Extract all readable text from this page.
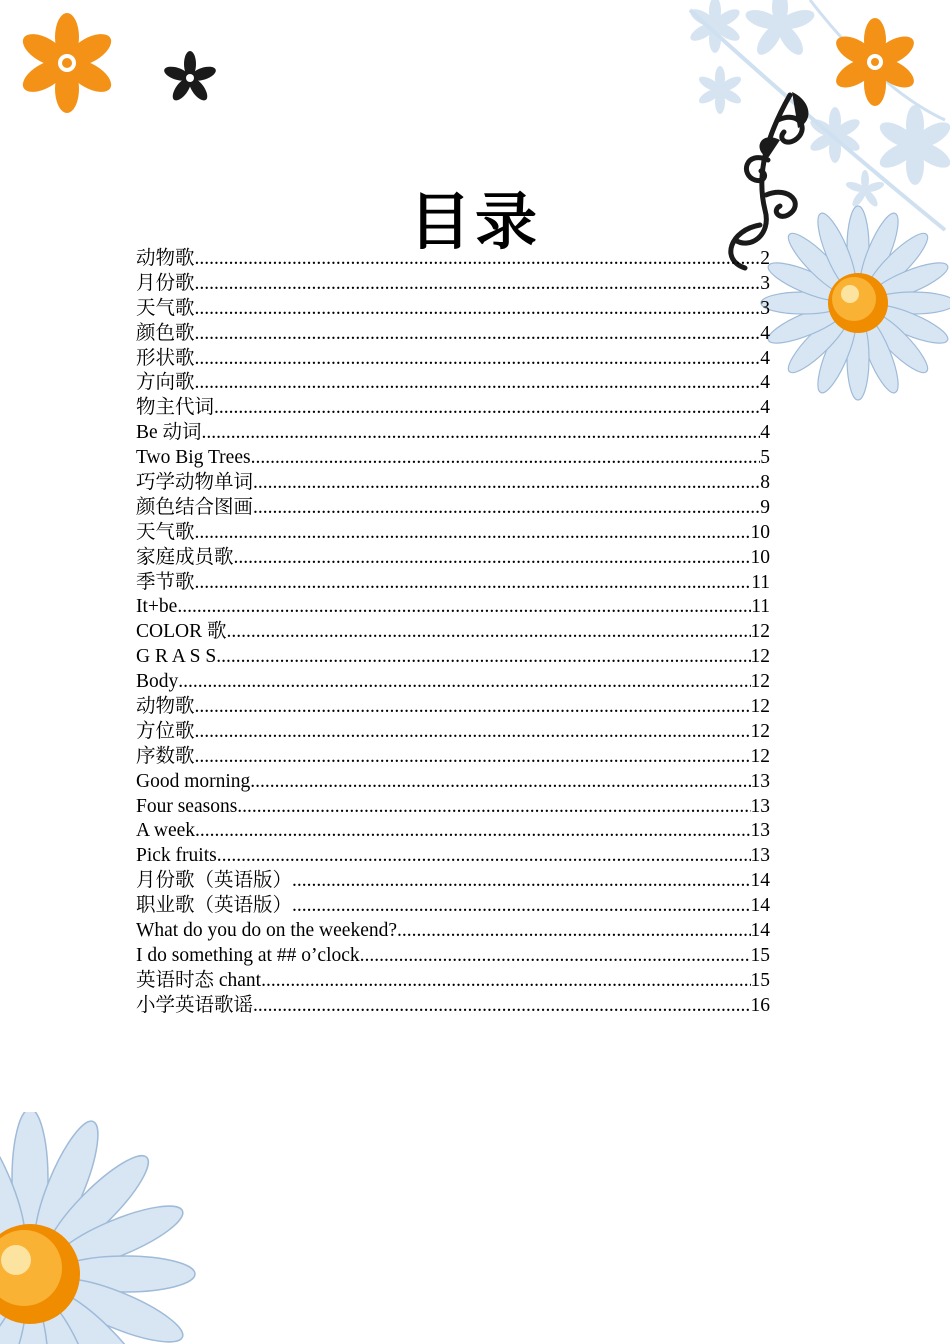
目录
动物歌 .....	2
月份歌 .....	3
天气歌 .....	3
颜色歌 .....	4
形状歌 .....	4
方向歌 .....	4
物主代词 .....	4
Be 动词 .....	4
Two Big Trees .....	5
巧学动物单词 .....	8
颜色结合图画 .....	9
天气歌 .....	10
家庭成员歌 .....	10
季节歌 .....	11
It+be .....	11
COLOR 歌 .....	12
G R A S S .....	12
Body .....	12
动物歌 .....	12
方位歌 .....	12
序数歌 .....	12
Good morning .....	13
Four seasons .....	13
A week .....	13
Pick fruits .....	13
月份歌（英语版） .....	14
职业歌（英语版） .....	14
What do you do on the weekend? .....	14
I do something at ## o’clock .....	15
英语时态 chant .....	15
小学英语歌谣 .....	16
